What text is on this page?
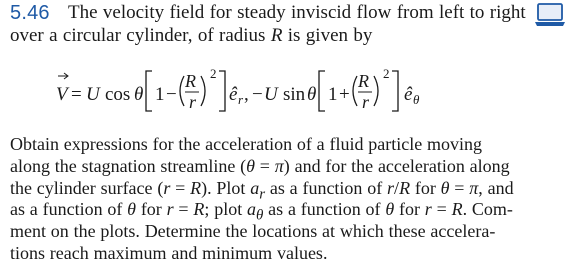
5.46 The velocity field for steady inviscid flow from left to right
over a circular cylinder, of radius R is given by
V = U cos θ 1 −
R
r
2
ê r , − U sin θ 1 +
R
r
2
ê θ
Obtain expressions for the acceleration of a fluid particle moving
along the stagnation streamline (θ = π) and for the acceleration along
the cylinder surface (r = R). Plot $a_r$ as a function of r/R for θ = π, and
as a function of θ for r = R; plot $a_\theta$ as a function of θ for r = R. Com-
ment on the plots. Determine the locations at which these accelera-
tions reach maximum and minimum values.
